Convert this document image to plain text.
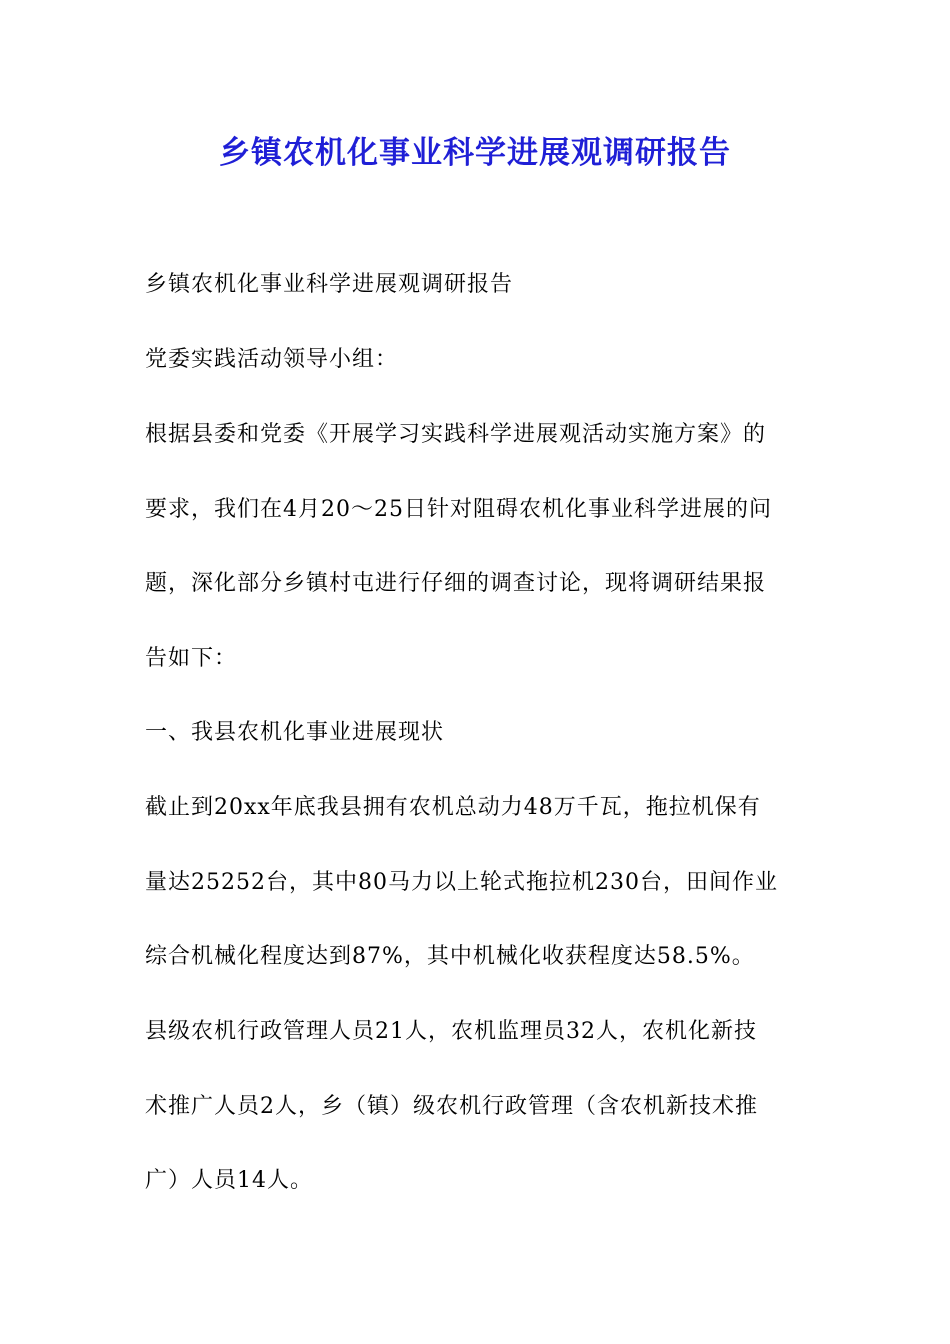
乡镇农机化事业科学进展观调研报告
乡镇农机化事业科学进展观调研报告
党委实践活动领导小组：
根据县委和党委《开展学习实践科学进展观活动实施方案》的
要求，我们在4月20～25日针对阻碍农机化事业科学进展的问
题，深化部分乡镇村屯进行仔细的调查讨论，现将调研结果报
告如下：
一、我县农机化事业进展现状
截止到20xx年底我县拥有农机总动力48万千瓦，拖拉机保有
量达25252台，其中80马力以上轮式拖拉机230台，田间作业
综合机械化程度达到87%，其中机械化收获程度达58.5%。
县级农机行政管理人员21人，农机监理员32人，农机化新技
术推广人员2人，乡（镇）级农机行政管理（含农机新技术推
广）人员14人。
